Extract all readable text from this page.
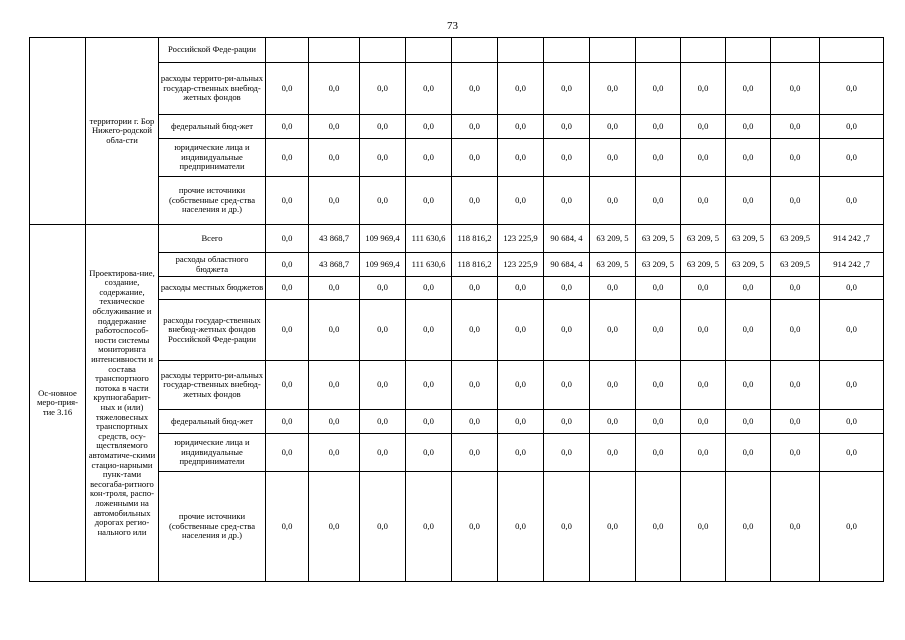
73
	территории г. Бор Нижего-родской обла-сти	Российской Феде-рации														
		расходы террито-ри-альных государ-ственных внебюд-жетных фондов	0,0	0,0	0,0	0,0	0,0	0,0	0,0	0,0	0,0	0,0	0,0	0,0	0,0	
		федеральный бюд-жет	0,0	0,0	0,0	0,0	0,0	0,0	0,0	0,0	0,0	0,0	0,0	0,0	0,0	
		юридические лица и индивидуальные предприниматели	0,0	0,0	0,0	0,0	0,0	0,0	0,0	0,0	0,0	0,0	0,0	0,0	0,0	
		прочие источники (собственные сред-ства населения и др.)	0,0	0,0	0,0	0,0	0,0	0,0	0,0	0,0	0,0	0,0	0,0	0,0	0,0	
Ос-новное меро-прия-тие 3.16	Проектирова-ние, создание, содержание, техническое обслуживание и поддержание работоспособ-ности системы мониторинга интенсивности и состава транспортного потока в части крупногабарит-ных и (или) тяжеловесных транспортных средств, осу-ществляемого автоматиче-скими стацио-нарными пунк-тами весогаба-ритного кон-троля, распо-ложенными на автомобильных дорогах регио-нального или	Всего	0,0	43 868,7	109 969,4	111 630,6	118 816,2	123 225,9	90 684, 4	63 209, 5	63 209, 5	63 209, 5	63 209, 5	63 209,5	914 242 ,7	
		расходы областного бюджета	0,0	43 868,7	109 969,4	111 630,6	118 816,2	123 225,9	90 684, 4	63 209, 5	63 209, 5	63 209, 5	63 209, 5	63 209,5	914 242 ,7	
		расходы местных бюджетов	0,0	0,0	0,0	0,0	0,0	0,0	0,0	0,0	0,0	0,0	0,0	0,0	0,0	
		расходы государ-ственных внебюд-жетных фондов Российской Феде-рации	0,0	0,0	0,0	0,0	0,0	0,0	0,0	0,0	0,0	0,0	0,0	0,0	0,0	
		расходы террито-ри-альных государ-ственных внебюд-жетных фондов	0,0	0,0	0,0	0,0	0,0	0,0	0,0	0,0	0,0	0,0	0,0	0,0	0,0	
		федеральный бюд-жет	0,0	0,0	0,0	0,0	0,0	0,0	0,0	0,0	0,0	0,0	0,0	0,0	0,0	
		юридические лица и индивидуальные предприниматели	0,0	0,0	0,0	0,0	0,0	0,0	0,0	0,0	0,0	0,0	0,0	0,0	0,0	
		прочие источники (собственные сред-ства населения и др.)	0,0	0,0	0,0	0,0	0,0	0,0	0,0	0,0	0,0	0,0	0,0	0,0	0,0	
